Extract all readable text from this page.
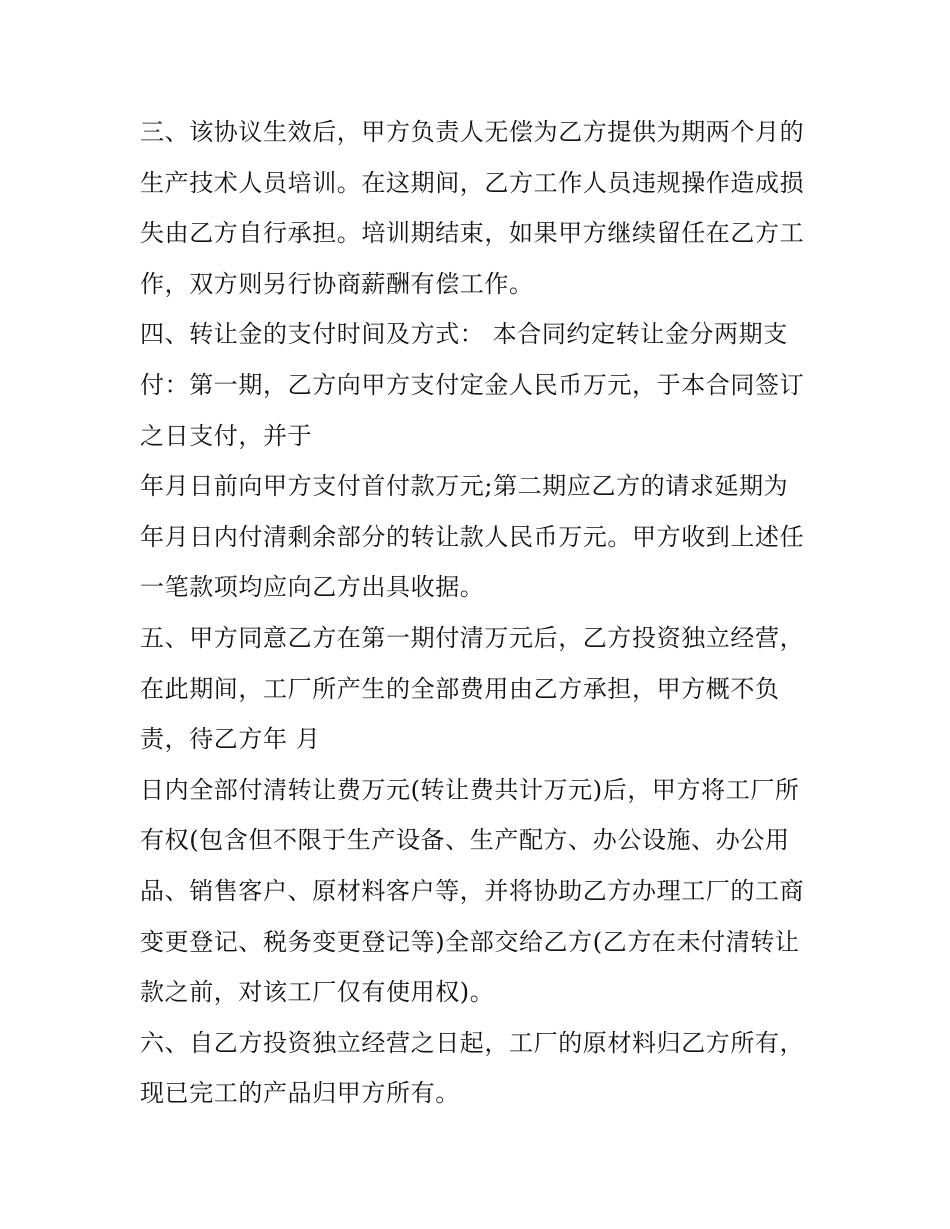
三、该协议生效后，甲方负责人无偿为乙方提供为期两个月的
生产技术人员培训。在这期间，乙方工作人员违规操作造成损
失由乙方自行承担。培训期结束，如果甲方继续留任在乙方工
作，双方则另行协商薪酬有偿工作。
四、转让金的支付时间及方式： 本合同约定转让金分两期支
付：第一期，乙方向甲方支付定金人民币万元，于本合同签订
之日支付，并于
年月日前向甲方支付首付款万元;第二期应乙方的请求延期为
年月日内付清剩余部分的转让款人民币万元。甲方收到上述任
一笔款项均应向乙方出具收据。
五、甲方同意乙方在第一期付清万元后，乙方投资独立经营，
在此期间，工厂所产生的全部费用由乙方承担，甲方概不负
责，待乙方年 月
日内全部付清转让费万元(转让费共计万元)后，甲方将工厂所
有权(包含但不限于生产设备、生产配方、办公设施、办公用
品、销售客户、原材料客户等，并将协助乙方办理工厂的工商
变更登记、税务变更登记等)全部交给乙方(乙方在未付清转让
款之前，对该工厂仅有使用权)。
六、自乙方投资独立经营之日起，工厂的原材料归乙方所有，
现已完工的产品归甲方所有。
